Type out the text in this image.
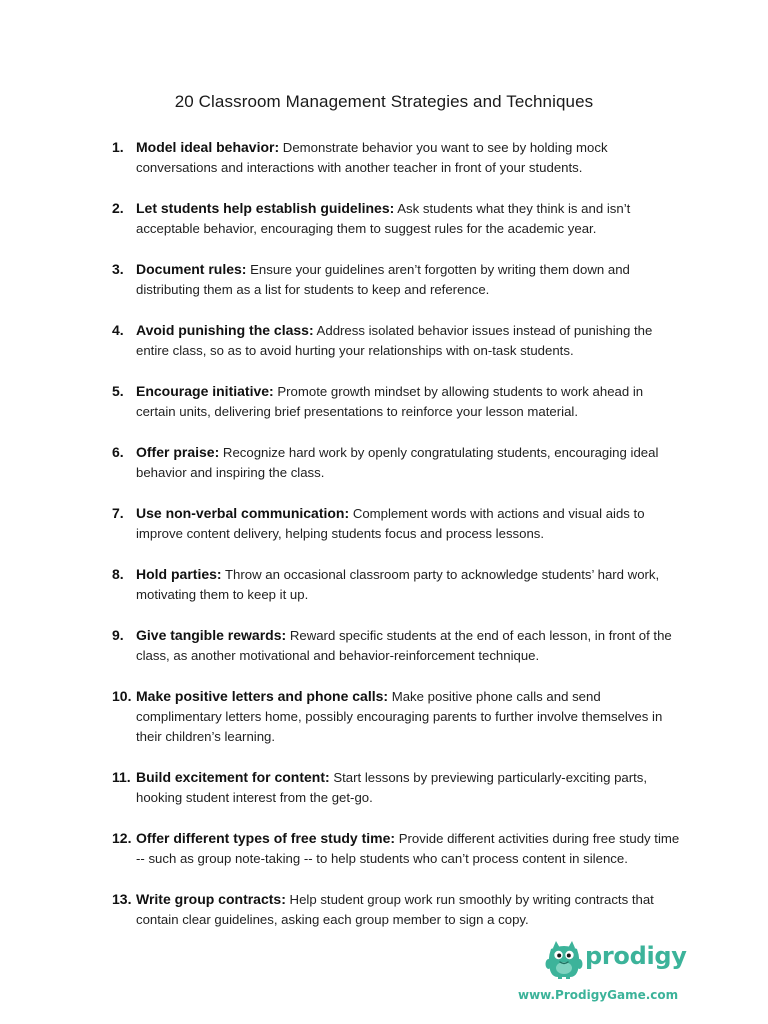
20 Classroom Management Strategies and Techniques
1. Model ideal behavior: Demonstrate behavior you want to see by holding mock conversations and interactions with another teacher in front of your students.
2. Let students help establish guidelines: Ask students what they think is and isn’t acceptable behavior, encouraging them to suggest rules for the academic year.
3. Document rules: Ensure your guidelines aren’t forgotten by writing them down and distributing them as a list for students to keep and reference.
4. Avoid punishing the class: Address isolated behavior issues instead of punishing the entire class, so as to avoid hurting your relationships with on-task students.
5. Encourage initiative: Promote growth mindset by allowing students to work ahead in certain units, delivering brief presentations to reinforce your lesson material.
6. Offer praise: Recognize hard work by openly congratulating students, encouraging ideal behavior and inspiring the class.
7. Use non-verbal communication: Complement words with actions and visual aids to improve content delivery, helping students focus and process lessons.
8. Hold parties: Throw an occasional classroom party to acknowledge students’ hard work, motivating them to keep it up.
9. Give tangible rewards: Reward specific students at the end of each lesson, in front of the class, as another motivational and behavior-reinforcement technique.
10. Make positive letters and phone calls: Make positive phone calls and send complimentary letters home, possibly encouraging parents to further involve themselves in their children’s learning.
11. Build excitement for content: Start lessons by previewing particularly-exciting parts, hooking student interest from the get-go.
12. Offer different types of free study time: Provide different activities during free study time -- such as group note-taking -- to help students who can’t process content in silence.
13. Write group contracts: Help student group work run smoothly by writing contracts that contain clear guidelines, asking each group member to sign a copy.
prodigy
www.ProdigyGame.com
